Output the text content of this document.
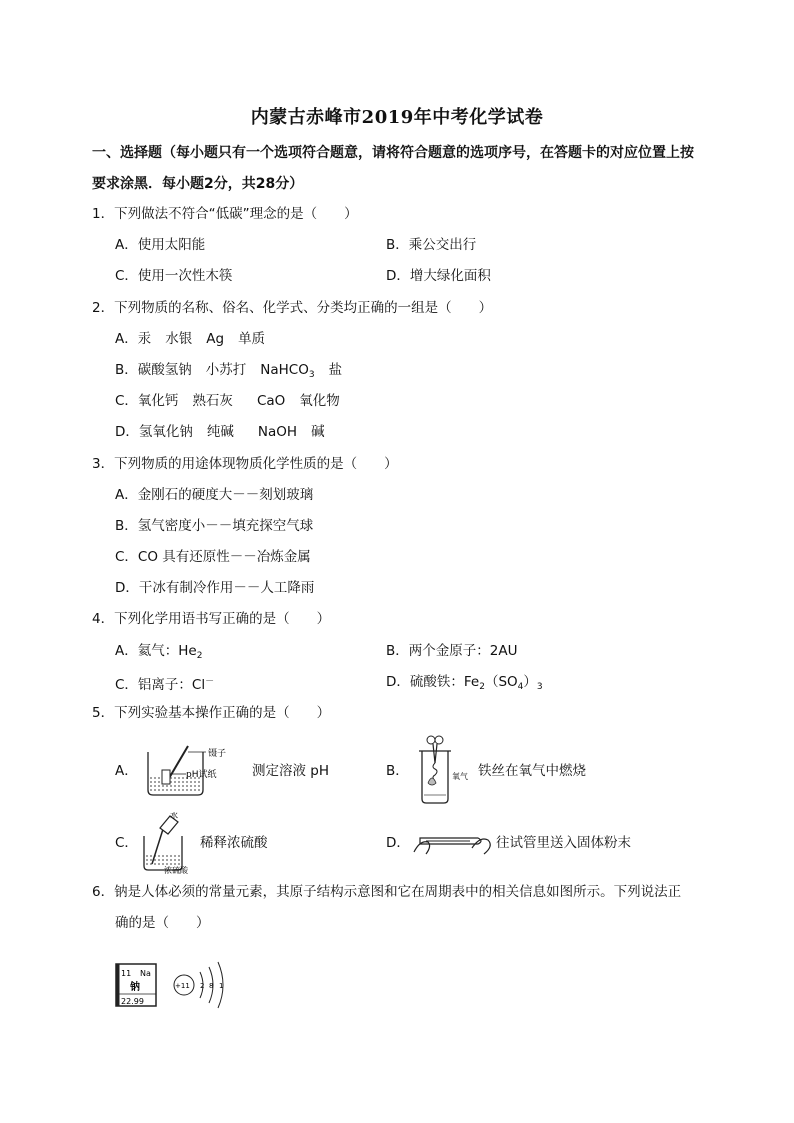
内蒙古赤峰市2019年中考化学试卷
一、选择题（每小题只有一个选项符合题意，请将符合题意的选项序号，在答题卡的对应位置上按
要求涂黑．每小题2分，共28分）
1．下列做法不符合“低碳”理念的是（　　）
A．使用太阳能	B．乘公交出行
C．使用一次性木筷	D．增大绿化面积
2．下列物质的名称、俗名、化学式、分类均正确的一组是（　　）
A．汞 水银 Ag 单质
B．碳酸氢钠 小苏打 NaHCO$_3$ 盐
C．氧化钙 熟石灰 CaO 氧化物
D．氢氧化钠 纯碱 NaOH 碱
3．下列物质的用途体现物质化学性质的是（　　）
A．金刚石的硬度大－－刻划玻璃
B．氢气密度小－－填充探空气球
C．CO 具有还原性－－冶炼金属
D．干冰有制冷作用－－人工降雨
4．下列化学用语书写正确的是（　　）
A．氦气：$He_2$	B．两个金原子：2AU
C．铝离子：Cl－	D．硫酸铁：$Fe_2(SO_4)_3$
5．下列实验基本操作正确的是（　　）
A．
镊子
pH试纸	测定溶液 pH	B．	氧气 铁丝在氧气中燃烧
C．
水
浓硫酸
稀释浓硫酸	D．	往试管里送入固体粉末
6．钠是人体必须的常量元素，其原子结构示意图和它在周期表中的相关信息如图所示。下列说法正
确的是（　　）
11 Na
钠
22.99
+11 2 8 1
